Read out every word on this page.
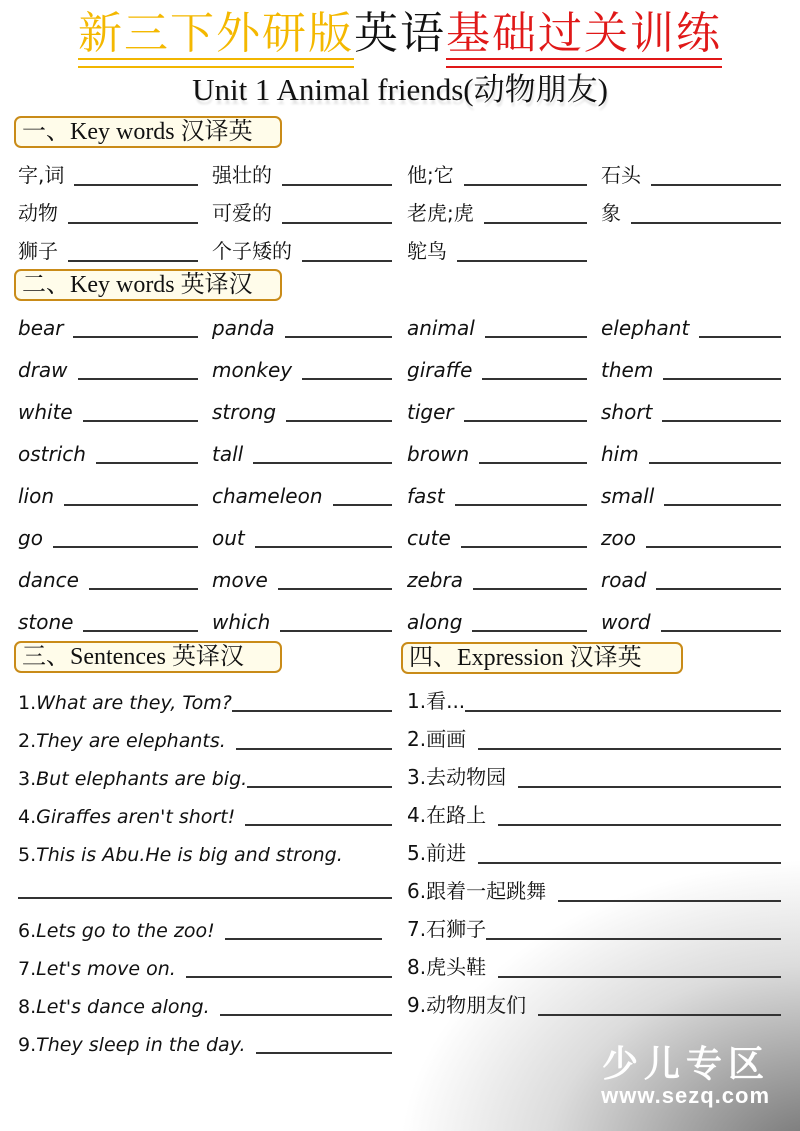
新三下外研版英语基础过关训练
Unit 1 Animal friends(动物朋友)
一、Key words 汉译英
字,词	强壮的	他;它	石头
动物	可爱的	老虎;虎	象
狮子	个子矮的	鸵鸟
二、Key words 英译汉
bear	panda	animal	elephant
draw	monkey	giraffe	them
white	strong	tiger	short
ostrich	tall	brown	him
lion	chameleon	fast	small
go	out	cute	zoo
dance	move	zebra	road
stone	which	along	word
三、Sentences 英译汉
1.What are they, Tom?
2.They are elephants.
3.But elephants are big.
4.Giraffes aren't short!
5.This is Abu.He is big and strong.
6.Lets go to the zoo!
7.Let's move on.
8.Let's dance along.
9.They sleep in the day.
四、Expression 汉译英
1.看...
2.画画
3.去动物园
4.在路上
5.前进
6.跟着一起跳舞
7.石狮子
8.虎头鞋
9.动物朋友们
少儿专区
www.sezq.com
